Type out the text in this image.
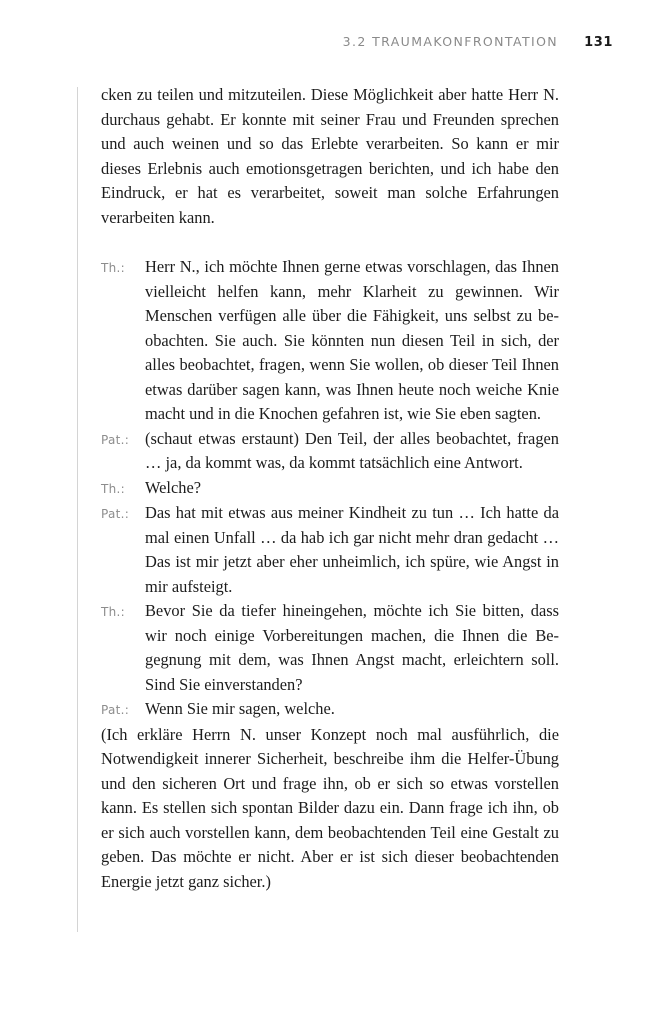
3.2 TRAUMAKONFRONTATION 131

cken zu teilen und mitzuteilen. Diese Möglichkeit aber hatte Herr N. durchaus gehabt. Er konnte mit seiner Frau und Freunden sprechen und auch weinen und so das Erlebte verarbeiten. So kann er mir dieses Erlebnis auch emotionsgetragen berichten, und ich habe den Eindruck, er hat es verarbeitet, soweit man solche Erfahrungen verarbeiten kann.

Th.:	Herr N., ich möchte Ihnen gerne etwas vorschlagen, das Ihnen vielleicht helfen kann, mehr Klarheit zu gewinnen. Wir Menschen verfügen alle über die Fähigkeit, uns selbst zu beobachten. Sie auch. Sie könnten nun diesen Teil in sich, der alles beobachtet, fragen, wenn Sie wollen, ob dieser Teil Ihnen etwas darüber sagen kann, was Ihnen heute noch weiche Knie macht und in die Knochen gefahren ist, wie Sie eben sagten.
Pat.: (schaut etwas erstaunt) Den Teil, der alles beobachtet, fragen … ja, da kommt was, da kommt tatsächlich eine Antwort.
Th.:	Welche?
Pat.: Das hat mit etwas aus meiner Kindheit zu tun … Ich hatte da mal einen Unfall … da hab ich gar nicht mehr dran gedacht … Das ist mir jetzt aber eher unheimlich, ich spüre, wie Angst in mir aufsteigt.
Th.:	Bevor Sie da tiefer hineingehen, möchte ich Sie bitten, dass wir noch einige Vorbereitungen machen, die Ihnen die Begegnung mit dem, was Ihnen Angst macht, erleichtern soll. Sind Sie einverstanden?
Pat.: Wenn Sie mir sagen, welche.

(Ich erkläre Herrn N. unser Konzept noch mal ausführlich, die Notwendigkeit innerer Sicherheit, beschreibe ihm die Helfer-Übung und den sicheren Ort und frage ihn, ob er sich so etwas vorstellen kann. Es stellen sich spontan Bilder dazu ein. Dann frage ich ihn, ob er sich auch vorstellen kann, dem beobachtenden Teil eine Gestalt zu geben. Das möchte er nicht. Aber er ist sich dieser beobachtenden Energie jetzt ganz sicher.)
